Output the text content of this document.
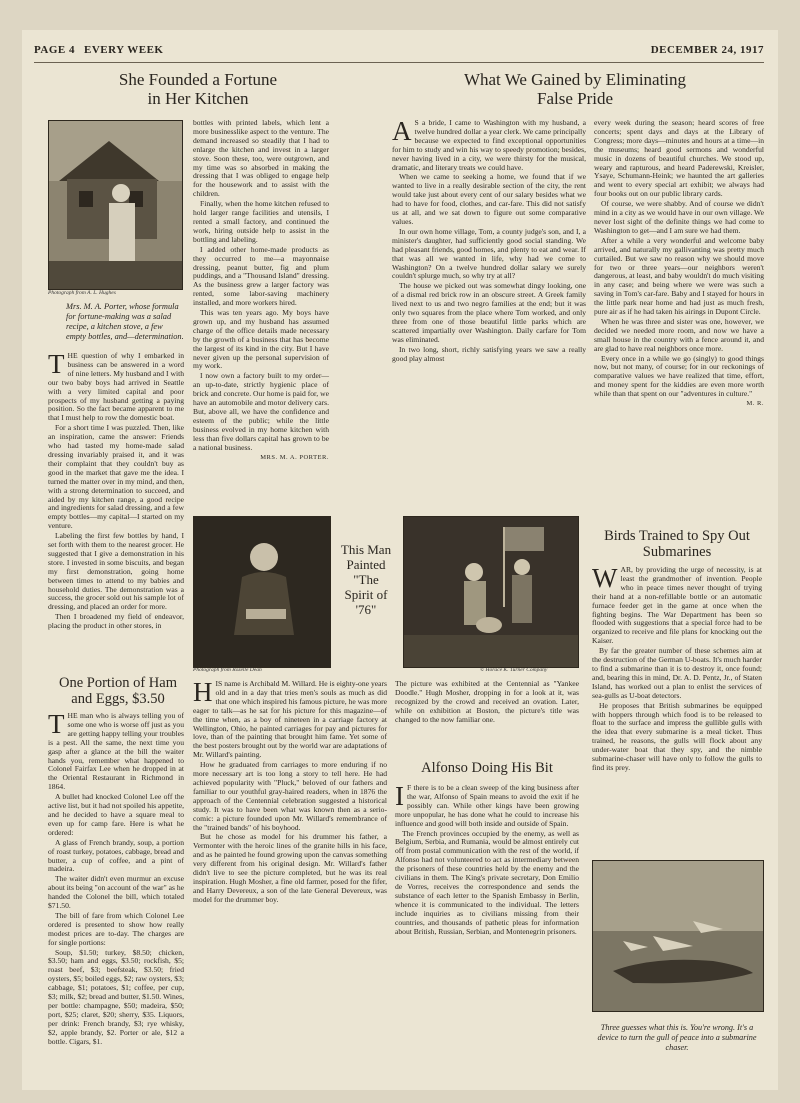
PAGE 4 EVERY WEEK	DECEMBER 24, 1917
She Founded a Fortune
in Her Kitchen
Photograph from A. L. Hughes
Mrs. M. A. Porter, whose formula for fortune-making was a salad recipe, a kitchen stove, a few empty bottles, and—determination.

THE question of why I embarked in business can be answered in a word of nine letters. My husband and I with our two baby boys had arrived in Seattle with a very limited capital and poor prospects of my husband getting a paying position. So the fact became apparent to me that I must help to row the domestic boat.

For a short time I was puzzled. Then, like an inspiration, came the answer: Friends who had tasted my home-made salad dressing invariably praised it, and it was their complaint that they couldn't buy as good in the market that gave me the idea. I turned the matter over in my mind, and then, with a strong determination to succeed, and aided by my kitchen range, a good recipe and ingredients for salad dressing, and a few empty bottles—my capital—I started on my venture.

Labeling the first few bottles by hand, I set forth with them to the nearest grocer. He suggested that I give a demonstration in his store. I invested in some biscuits, and began my first demonstration, going home between times to attend to my babies and household duties. The demonstration was a success, the grocer sold out his sample lot of dressing, and placed an order for more.

Then I broadened my field of endeavor, placing the product in other stores, in

bottles with printed labels, which lent a more businesslike aspect to the venture. The demand increased so steadily that I had to enlarge the kitchen and invest in a larger stove. Soon these, too, were outgrown, and my time was so absorbed in making the dressing that I was obliged to engage help for the housework and to assist with the children.

Finally, when the home kitchen refused to hold larger range facilities and utensils, I rented a small factory, and continued the work, hiring outside help to assist in the bottling and labeling.

I added other home-made products as they occurred to me—a mayonnaise dressing, peanut butter, fig and plum puddings, and a "Thousand Island" dressing. As the business grew a larger factory was rented, some labor-saving machinery installed, and more workers hired.

This was ten years ago. My boys have grown up, and my husband has assumed charge of the office details made necessary by the growth of a business that has become the largest of its kind in the city. But I have never given up the personal supervision of my work.

I now own a factory built to my order—an up-to-date, strictly hygienic place of brick and concrete. Our home is paid for, we have an automobile and motor delivery cars. But, above all, we have the confidence and esteem of the public; while the little business evolved in my home kitchen with less than five dollars capital has grown to be a national business.

MRS. M. A. PORTER.
One Portion of Ham
and Eggs, $3.50

THE man who is always telling you of some one who is worse off just as you are getting happy telling your troubles is a pest. All the same, the next time you gasp after a glance at the bill the waiter hands you, remember what happened to Colonel Fairfax Lee when he dropped in at the Oriental Restaurant in Richmond in 1864.

A bullet had knocked Colonel Lee off the active list, but it had not spoiled his appetite, and he decided to have a square meal to even up for camp fare. Here is what he ordered:

A glass of French brandy, soup, a portion of roast turkey, potatoes, cabbage, bread and butter, a cup of coffee, and a pint of madeira.

The waiter didn't even murmur an excuse about its being "on account of the war" as he handed the Colonel the bill, which totaled $71.50.

The bill of fare from which Colonel Lee ordered is presented to show how really modest prices are to-day. The charges are for single portions:

Soup, $1.50; turkey, $8.50; chicken, $3.50; ham and eggs, $3.50; rockfish, $5; roast beef, $3; beefsteak, $3.50; fried oysters, $5; boiled eggs, $2; raw oysters, $3; cabbage, $1; potatoes, $1; coffee, per cup, $3; milk, $2; bread and butter, $1.50. Wines, per bottle: champagne, $50; madeira, $50; port, $25; claret, $20; sherry, $35. Liquors, per drink: French brandy, $3; rye whisky, $2, apple brandy, $2. Porter or ale, $12 a bottle. Cigars, $1.

What We Gained by Eliminating
False Pride

A S a bride, I came to Washington with my husband, a twelve hundred dollar a year clerk. We came principally because we expected to find exceptional opportunities for him to study and win his way to speedy promotion; besides, never having lived in a city, we were thirsty for the musical, dramatic, and literary treats we could have.

When we came to seeking a home, we found that if we wanted to live in a really desirable section of the city, the rent would take just about every cent of our salary besides what we had to have for food, clothes, and car-fare. This did not satisfy us at all, and we sat down to figure out some comparative values.

In our own home village, Tom, a county judge's son, and I, a minister's daughter, had sufficiently good social standing. We had pleasant friends, good homes, and plenty to eat and wear. If that was all we wanted in life, why had we come to Washington? On a twelve hundred dollar salary we surely couldn't splurge much, so why try at all?

The house we picked out was somewhat dingy looking, one of a dismal red brick row in an obscure street. A Greek family lived next to us and two negro families at the end; but it was only two squares from the place where Tom worked, and only three from one of those beautiful little parks which are scattered impartially over Washington. Daily carfare for Tom was eliminated.

In two long, short, richly satisfying years we saw a really good play almost

every week during the season; heard scores of free concerts; spent days and days at the Library of Congress; more days—minutes and hours at a time—in the museums; heard good sermons and wonderful music in dozens of beautiful churches. We stood up, weary and rapturous, and heard Paderewski, Kreisler, Ysaye, Schumann-Heink; we haunted the art galleries and went to every special art exhibit; we always had four books out on our public library cards.

Of course, we were shabby. And of course we didn't mind in a city as we would have in our own village. We never lost sight of the definite things we had come to Washington to get—and I am sure we had them.

After a while a very wonderful and welcome baby arrived, and naturally my gallivanting was pretty much curtailed. But we saw no reason why we should move for two or three years—our neighbors weren't dangerous, at least, and baby wouldn't do much visiting in any case; and being where we were was such a saving in Tom's car-fare. Baby and I stayed for hours in the little park near home and had just as much fresh, pure air as if he had taken his airings in Dupont Circle.

When he was three and sister was one, however, we decided we needed more room, and now we have a small house in the country with a fence around it, and are glad to have real neighbors once more.

Every once in a while we go (singly) to good things now, but not many, of course; for in our reckonings of comparative values we have realized that time, effort, and money spent for the kiddies are even more worth while than that spent on our "adventures in culture."

M. R.
Photograph from Rozelle Dean
This Man
Painted
"The
Spirit of
'76"
© Horace K. Turner Company

HIS name is Archibald M. Willard. He is eighty-one years old and in a day that tries men's souls as much as did that one which inspired his famous picture, he was more eager to talk—as he sat for his picture for this magazine—of the time when, as a boy of nineteen in a carriage factory at Wellington, Ohio, he painted carriages for pay and pictures for love, than of the painting that brought him fame. Yet some of the best posters brought out by the world war are adaptations of Mr. Willard's painting.

How he graduated from carriages to more enduring if no more necessary art is too long a story to tell here. He had achieved popularity with "Pluck," beloved of our fathers and familiar to our youthful gray-haired readers, when in 1876 the approach of the Centennial celebration suggested a historical study. It was to have been what was known then as a serio-comic: a picture founded upon Mr. Willard's remembrance of the "trained bands" of his boyhood.

But he chose as model for his drummer his father, a Vermonter with the heroic lines of the granite hills in his face, and as he painted he found growing upon the canvas something very different from his original design. Mr. Willard's father didn't live to see the picture completed, but he was its real inspiration. Hugh Mosher, a fine old farmer, posed for the fifer, and Harry Devereux, a son of the late General Devereux, was model for the drummer boy.

The picture was exhibited at the Centennial as "Yankee Doodle." Hugh Mosher, dropping in for a look at it, was recognized by the crowd and received an ovation. Later, while on exhibition at Boston, the picture's title was changed to the now familiar one.

Alfonso Doing His Bit

I F there is to be a clean sweep of the king business after the war, Alfonso of Spain means to avoid the exit if he possibly can. While other kings have been growing more unpopular, he has done what he could to increase his influence and good will both inside and outside of Spain.

The French provinces occupied by the enemy, as well as Belgium, Serbia, and Rumania, would be almost entirely cut off from postal communication with the rest of the world, if Alfonso had not volunteered to act as intermediary between the prisoners of these countries held by the enemy and the civilians in them. The King's private secretary, Don Emilio de Vorres, receives the correspondence and sends the substance of each letter to the Spanish Embassy in Berlin, whence it is communicated to the individual. The letters include inquiries as to civilians missing from their countries, and thousands of pathetic pleas for information about British, Russian, Serbian, and Montenegrin prisoners.

Birds Trained to Spy Out
Submarines

WAR, by providing the urge of necessity, is at least the grandmother of invention. People who in peace times never thought of trying their hand at a non-refillable bottle or an automatic furnace feeder get in the game at once when the fighting begins. The War Department has been so flooded with suggestions that a special force had to be organized to receive and file plans for knocking out the Kaiser.

By far the greater number of these schemes aim at the destruction of the German U-boats. It's much harder to find a submarine than it is to destroy it, once found; and, bearing this in mind, Dr. A. D. Pentz, Jr., of Staten Island, has worked out a plan to enlist the services of sea-gulls as U-boat detectors.

He proposes that British submarines be equipped with hoppers through which food is to be released to float to the surface and impress the gullible gulls with the idea that every submarine is a meal ticket. Thus trained, he reasons, the gulls will flock about any under-water boat that they spy, and the nimble submarine-chaser will have only to follow the gulls to find its prey.

Three guesses what this is. You're wrong. It's a device to turn the gull of peace into a submarine chaser.
